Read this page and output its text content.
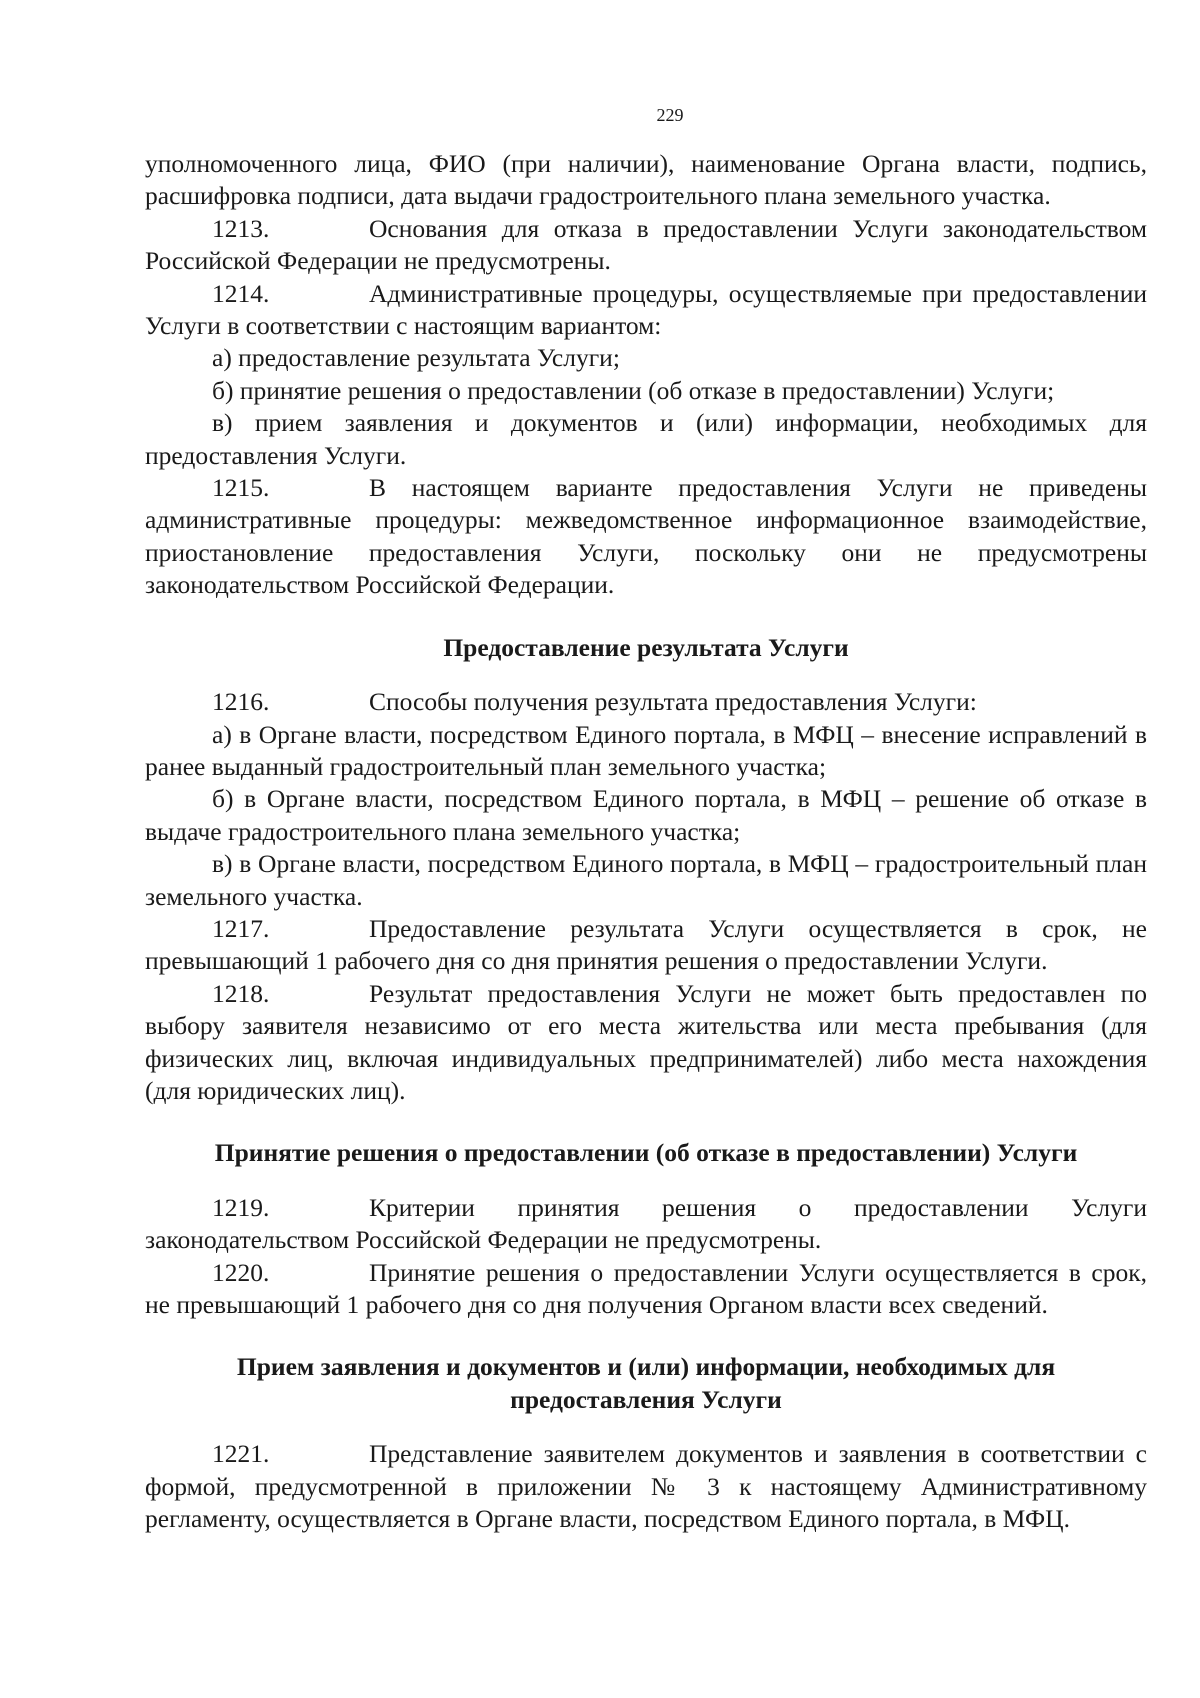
229

уполномоченного лица, ФИО (при наличии), наименование Органа власти, подпись, расшифровка подписи, дата выдачи градостроительного плана земельного участка.

1213.	Основания для отказа в предоставлении Услуги законодательством Российской Федерации не предусмотрены.

1214.	Административные процедуры, осуществляемые при предоставлении Услуги в соответствии с настоящим вариантом:

а) предоставление результата Услуги;

б) принятие решения о предоставлении (об отказе в предоставлении) Услуги;

в) прием заявления и документов и (или) информации, необходимых для предоставления Услуги.

1215.	В настоящем варианте предоставления Услуги не приведены административные процедуры: межведомственное информационное взаимодействие, приостановление предоставления Услуги, поскольку они не предусмотрены законодательством Российской Федерации.

Предоставление результата Услуги

1216.	Способы получения результата предоставления Услуги:

а) в Органе власти, посредством Единого портала, в МФЦ – внесение исправлений в ранее выданный градостроительный план земельного участка;

б) в Органе власти, посредством Единого портала, в МФЦ – решение об отказе в выдаче градостроительного плана земельного участка;

в) в Органе власти, посредством Единого портала, в МФЦ – градостроительный план земельного участка.

1217.	Предоставление результата Услуги осуществляется в срок, не превышающий 1 рабочего дня со дня принятия решения о предоставлении Услуги.

1218.	Результат предоставления Услуги не может быть предоставлен по выбору заявителя независимо от его места жительства или места пребывания (для физических лиц, включая индивидуальных предпринимателей) либо места нахождения (для юридических лиц).

Принятие решения о предоставлении (об отказе в предоставлении) Услуги

1219.	Критерии принятия решения о предоставлении Услуги законодательством Российской Федерации не предусмотрены.

1220.	Принятие решения о предоставлении Услуги осуществляется в срок, не превышающий 1 рабочего дня со дня получения Органом власти всех сведений.

Прием заявления и документов и (или) информации, необходимых для
предоставления Услуги

1221.	Представление заявителем документов и заявления в соответствии с формой, предусмотренной в приложении № 3 к настоящему Административному регламенту, осуществляется в Органе власти, посредством Единого портала, в МФЦ.
